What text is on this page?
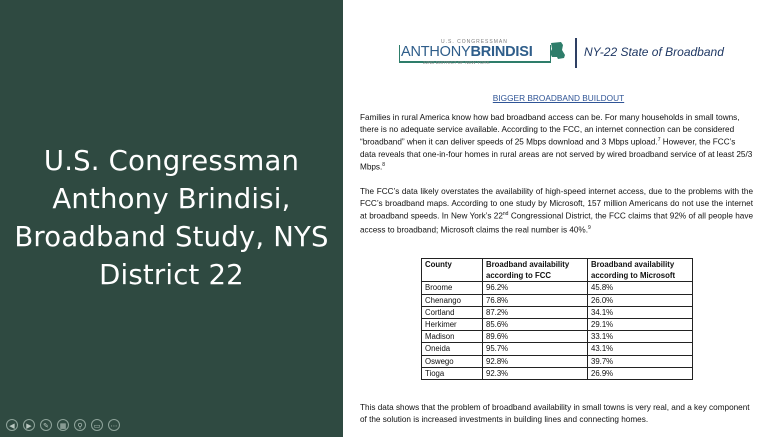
U.S. Congressman Anthony Brindisi, Broadband Study, NYS District 22
◀	▶	✎	▦	⚲	▭	⋯
U.S. CONGRESSMAN
ANTHONYBRINDISI
22ND DISTRICT OF NEW YORK
NY-22 State of Broadband
BIGGER BROADBAND BUILDOUT
Families in rural America know how bad broadband access can be. For many households in small towns, there is no adequate service available. According to the FCC, an internet connection can be considered “broadband” when it can deliver speeds of 25 Mbps download and 3 Mbps upload.$^7$ However, the FCC’s data reveals that one-in-four homes in rural areas are not served by wired broadband service of at least 25/3 Mbps.$^8$
The FCC’s data likely overstates the availability of high-speed internet access, due to the problems with the FCC’s broadband maps. According to one study by Microsoft, 157 million Americans do not use the internet at broadband speeds. In New York’s 22nd Congressional District, the FCC claims that 92% of all people have access to broadband; Microsoft claims the real number is 40%.$^9$
County	Broadband availability according to FCC	Broadband availability according to Microsoft
Broome	96.2%	45.8%
Chenango	76.8%	26.0%
Cortland	87.2%	34.1%
Herkimer	85.6%	29.1%
Madison	89.6%	33.1%
Oneida	95.7%	43.1%
Oswego	92.8%	39.7%
Tioga	92.3%	26.9%
This data shows that the problem of broadband availability in small towns is very real, and a key component of the solution is increased investments in building lines and connecting homes.
